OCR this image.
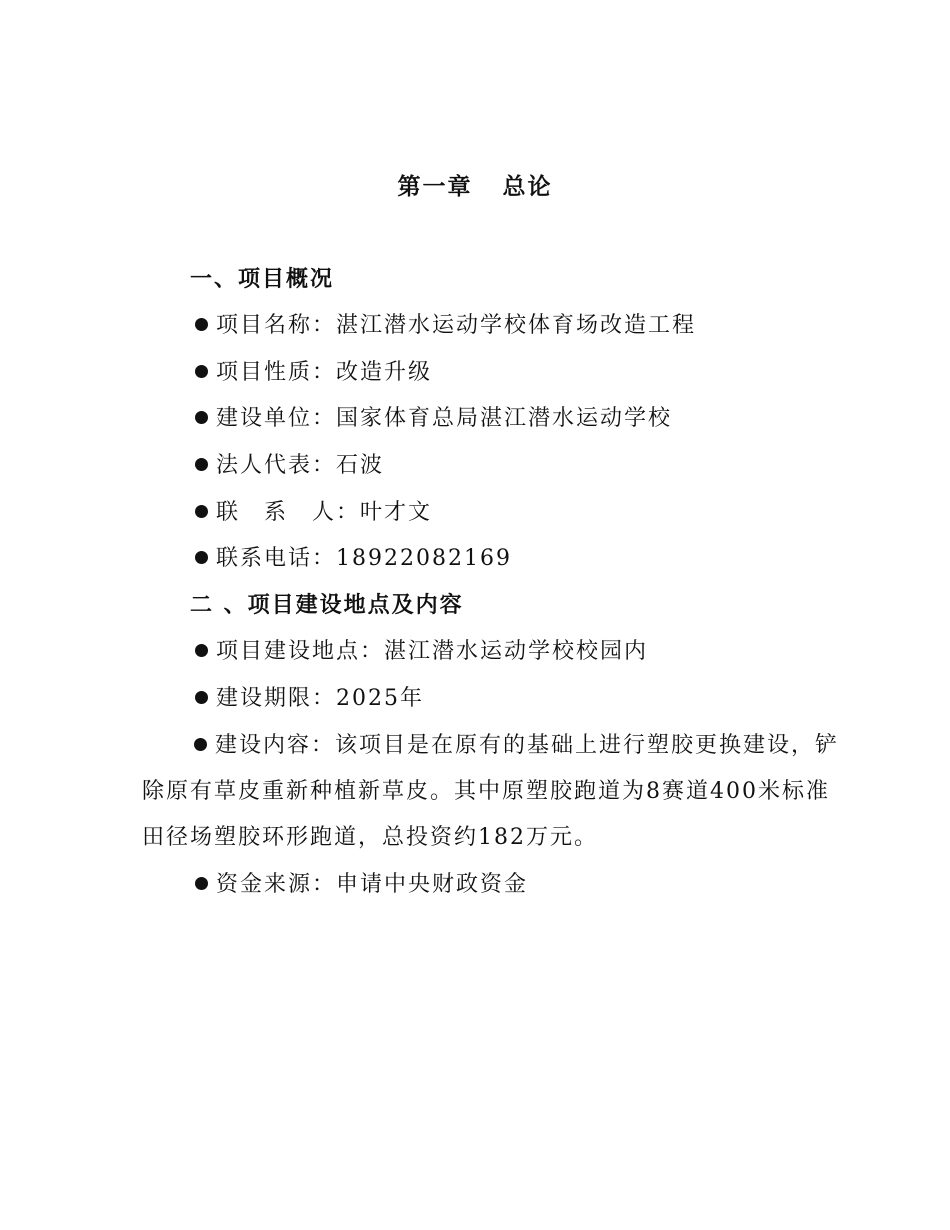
第一章 总论
一、项目概况
项目名称：湛江潜水运动学校体育场改造工程
项目性质：改造升级
建设单位：国家体育总局湛江潜水运动学校
法人代表：石波
联　系　人：叶才文
联系电话：18922082169
二 、项目建设地点及内容
项目建设地点：湛江潜水运动学校校园内
建设期限：2025年
建设内容：该项目是在原有的基础上进行塑胶更换建设，铲除原有草皮重新种植新草皮。其中原塑胶跑道为8赛道400米标准田径场塑胶环形跑道，总投资约182万元。
资金来源：申请中央财政资金
